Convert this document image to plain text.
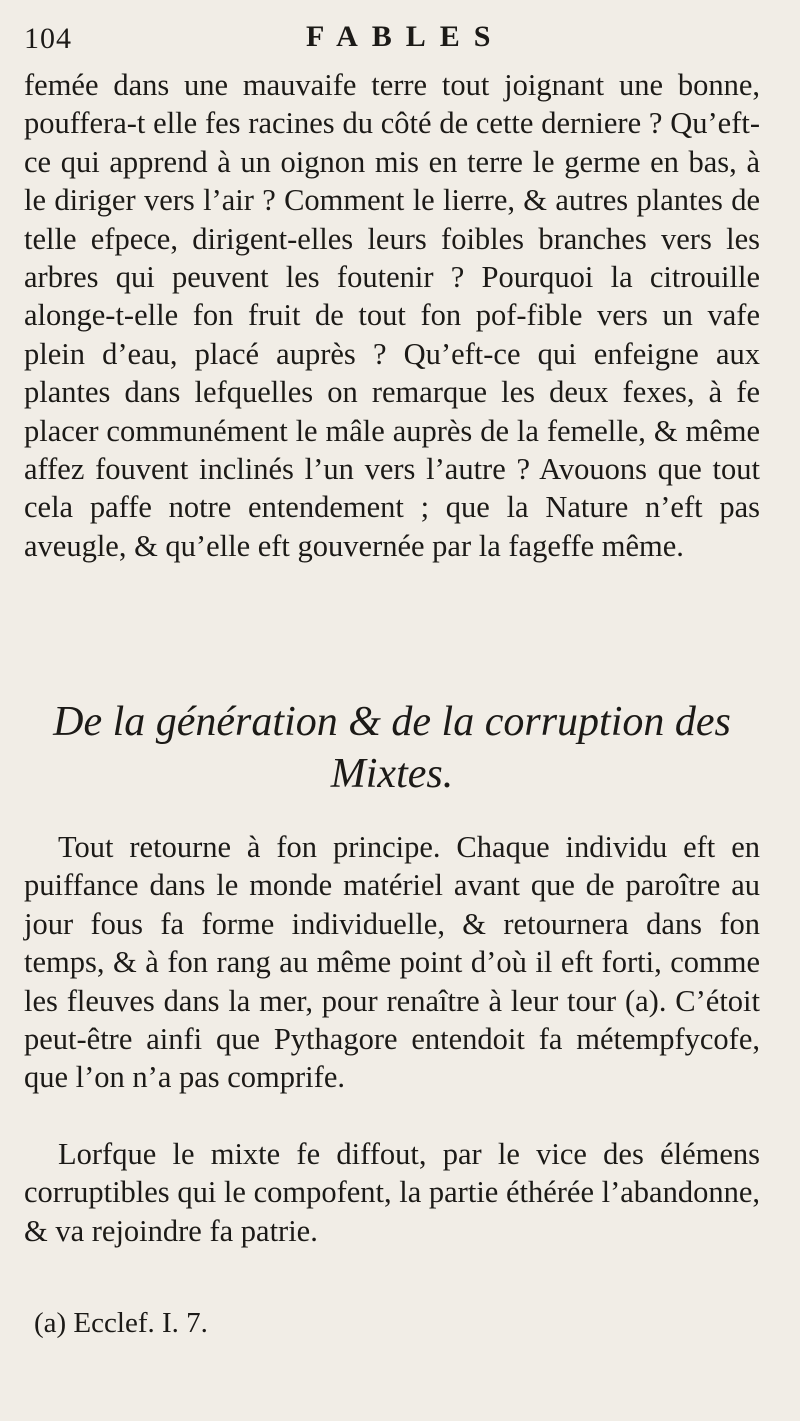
104	FABLES

femée dans une mauvaife terre tout joignant une bonne, pouffera-t elle fes racines du côté de cette derniere ? Qu’eft-ce qui apprend à un oignon mis en terre le germe en bas, à le diriger vers l’air ? Comment le lierre, & autres plantes de telle efpece, dirigent-elles leurs foibles branches vers les arbres qui peuvent les foutenir ? Pourquoi la citrouille alonge-t-elle fon fruit de tout fon pof-fible vers un vafe plein d’eau, placé auprès ? Qu’eft-ce qui enfeigne aux plantes dans lefquelles on remarque les deux fexes, à fe placer communément le mâle auprès de la femelle, & même affez fouvent inclinés l’un vers l’autre ? Avouons que tout cela paffe notre entendement ; que la Nature n’eft pas aveugle, & qu’elle eft gouvernée par la fageffe même.

De la génération & de la corruption des Mixtes.

Tout retourne à fon principe. Chaque individu eft en puiffance dans le monde matériel avant que de paroître au jour fous fa forme individuelle, & retournera dans fon temps, & à fon rang au même point d’où il eft forti, comme les fleuves dans la mer, pour renaître à leur tour (a). C’étoit peut-être ainfi que Pythagore entendoit fa métempfycofe, que l’on n’a pas comprife.

Lorfque le mixte fe diffout, par le vice des élémens corruptibles qui le compofent, la partie éthérée l’abandonne, & va rejoindre fa patrie.

(a) Ecclef. I. 7.
